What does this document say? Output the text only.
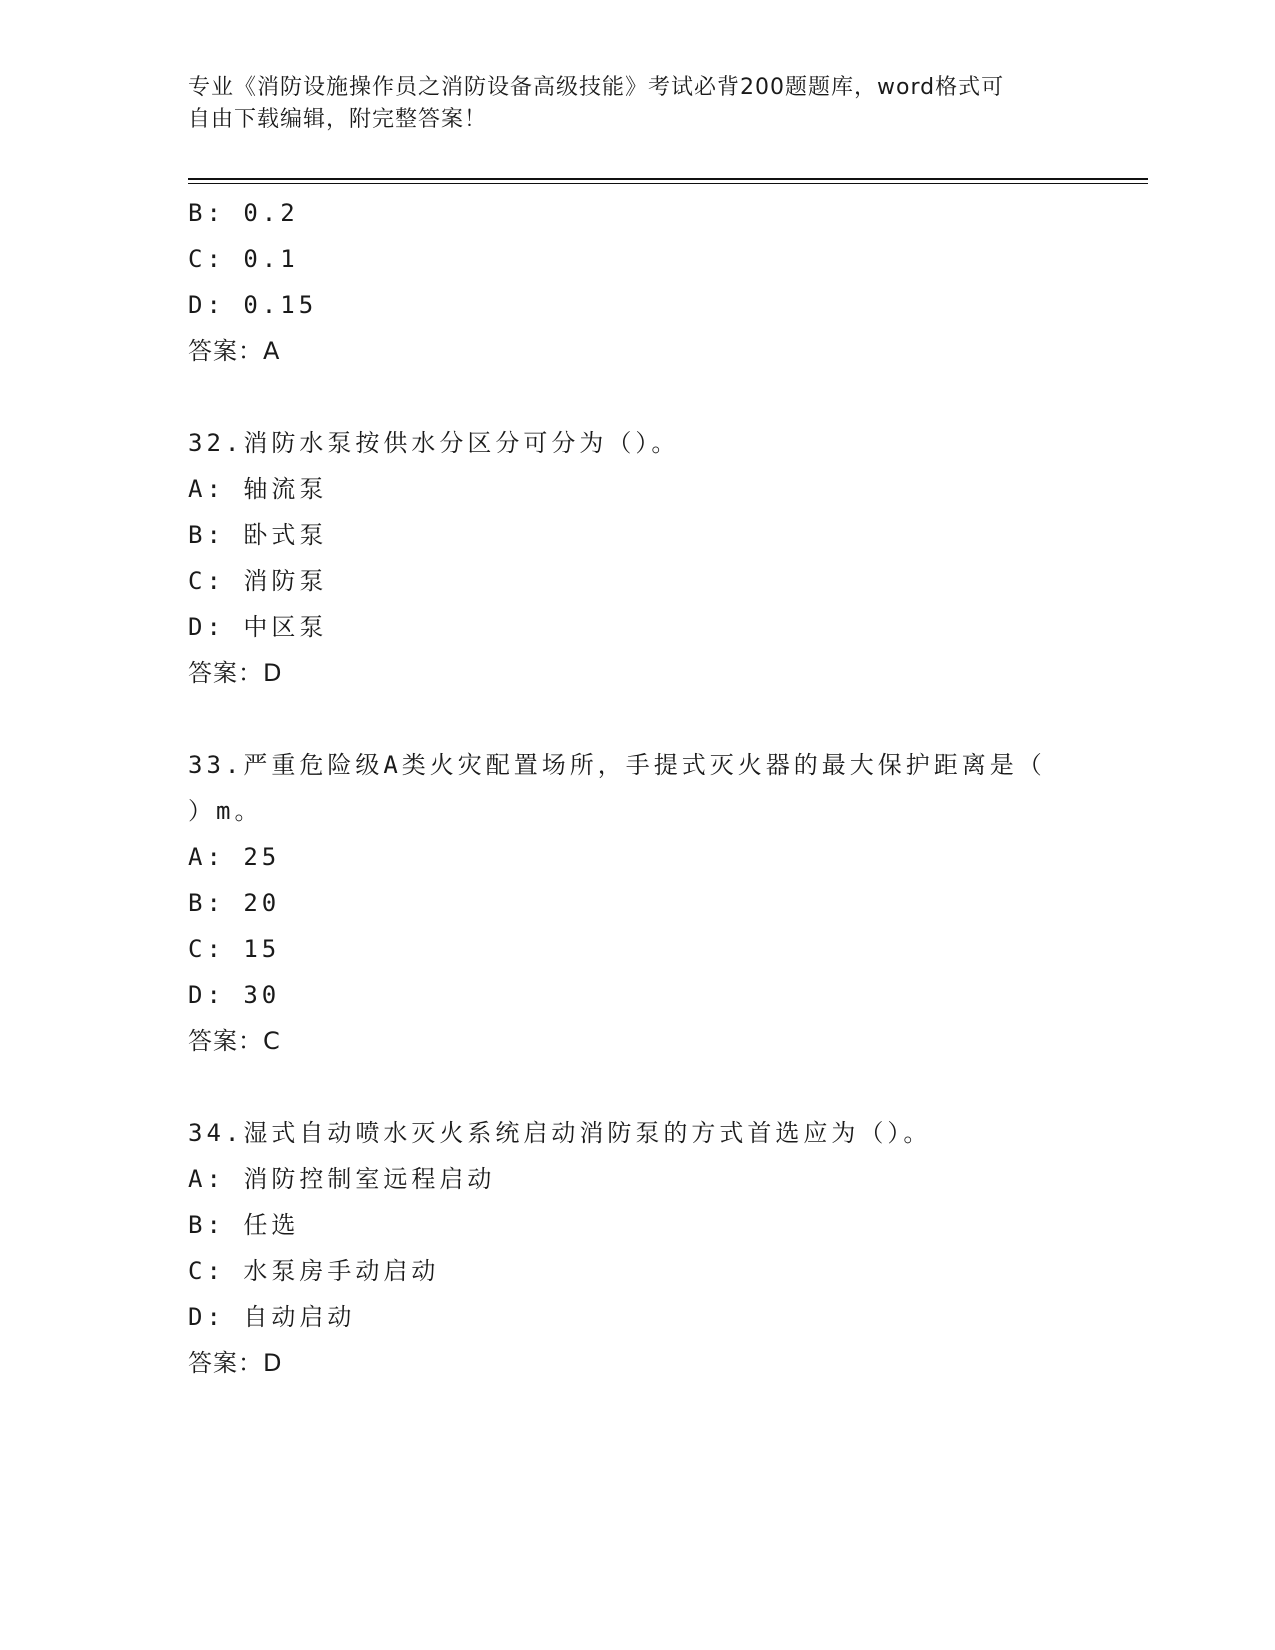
专业《消防设施操作员之消防设备高级技能》考试必背200题题库，word格式可
自由下载编辑，附完整答案！
B: 0.2
C: 0.1
D: 0.15
答案：A
32.消防水泵按供水分区分可分为（）。
A: 轴流泵
B: 卧式泵
C: 消防泵
D: 中区泵
答案：D
33.严重危险级A类火灾配置场所，手提式灭火器的最大保护距离是（
）m。
A: 25
B: 20
C: 15
D: 30
答案：C
34.湿式自动喷水灭火系统启动消防泵的方式首选应为（）。
A: 消防控制室远程启动
B: 任选
C: 水泵房手动启动
D: 自动启动
答案：D
